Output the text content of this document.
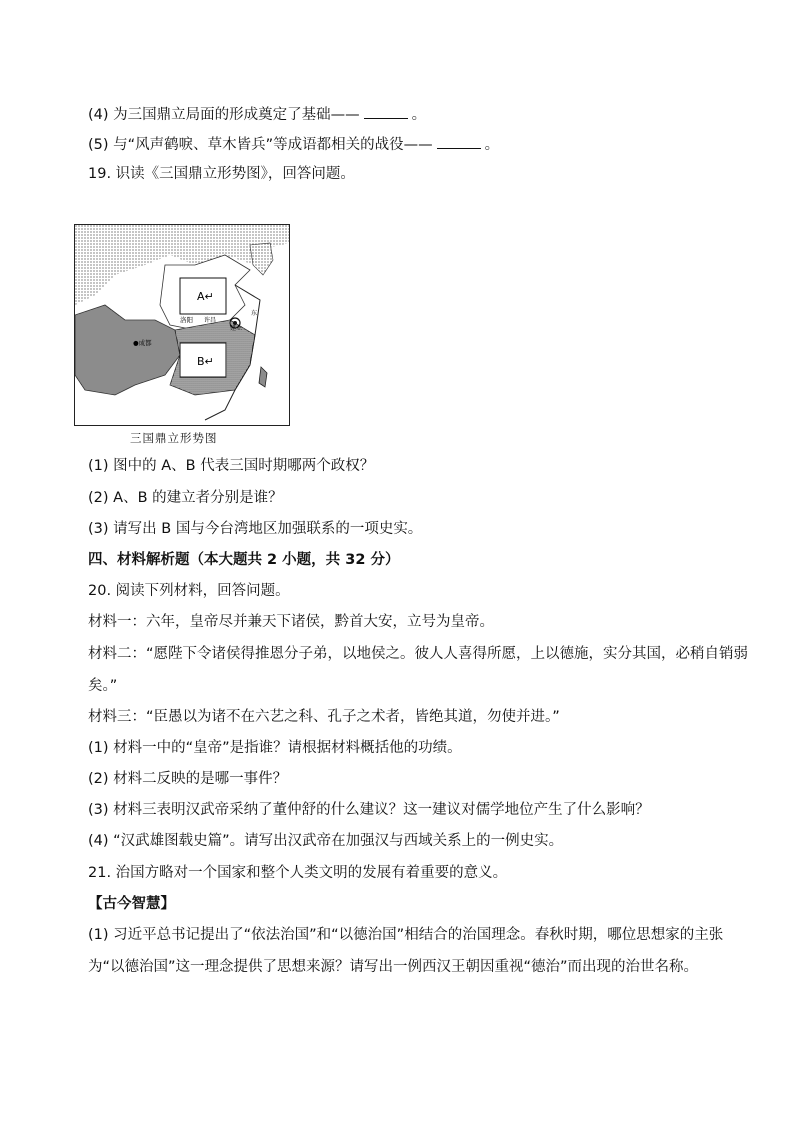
(4) 为三国鼎立局面的形成奠定了基础——	。
(5) 与“风声鹤唳、草木皆兵”等成语都相关的战役——	。
19. 识读《三国鼎立形势图》，回答问题。
A↵
B↵
洛阳 许昌
●成都
建业
东
三国鼎立形势图
(1) 图中的 A、B 代表三国时期哪两个政权？
(2) A、B 的建立者分别是谁？
(3) 请写出 B 国与今台湾地区加强联系的一项史实。
四、材料解析题（本大题共 2 小题，共 32 分）
20. 阅读下列材料，回答问题。
材料一：六年，皇帝尽并兼天下诸侯，黔首大安，立号为皇帝。
材料二：“愿陛下令诸侯得推恩分子弟，以地侯之。彼人人喜得所愿，上以德施，实分其国，必稍自销弱
矣。”
材料三：“臣愚以为诸不在六艺之科、孔子之术者，皆绝其道，勿使并进。”
(1) 材料一中的“皇帝”是指谁？请根据材料概括他的功绩。
(2) 材料二反映的是哪一事件？
(3) 材料三表明汉武帝采纳了董仲舒的什么建议？这一建议对儒学地位产生了什么影响？
(4) “汉武雄图载史篇”。请写出汉武帝在加强汉与西域关系上的一例史实。
21. 治国方略对一个国家和整个人类文明的发展有着重要的意义。
【古今智慧】
(1) 习近平总书记提出了“依法治国”和“以德治国”相结合的治国理念。春秋时期，哪位思想家的主张
为“以德治国”这一理念提供了思想来源？请写出一例西汉王朝因重视“德治”而出现的治世名称。
